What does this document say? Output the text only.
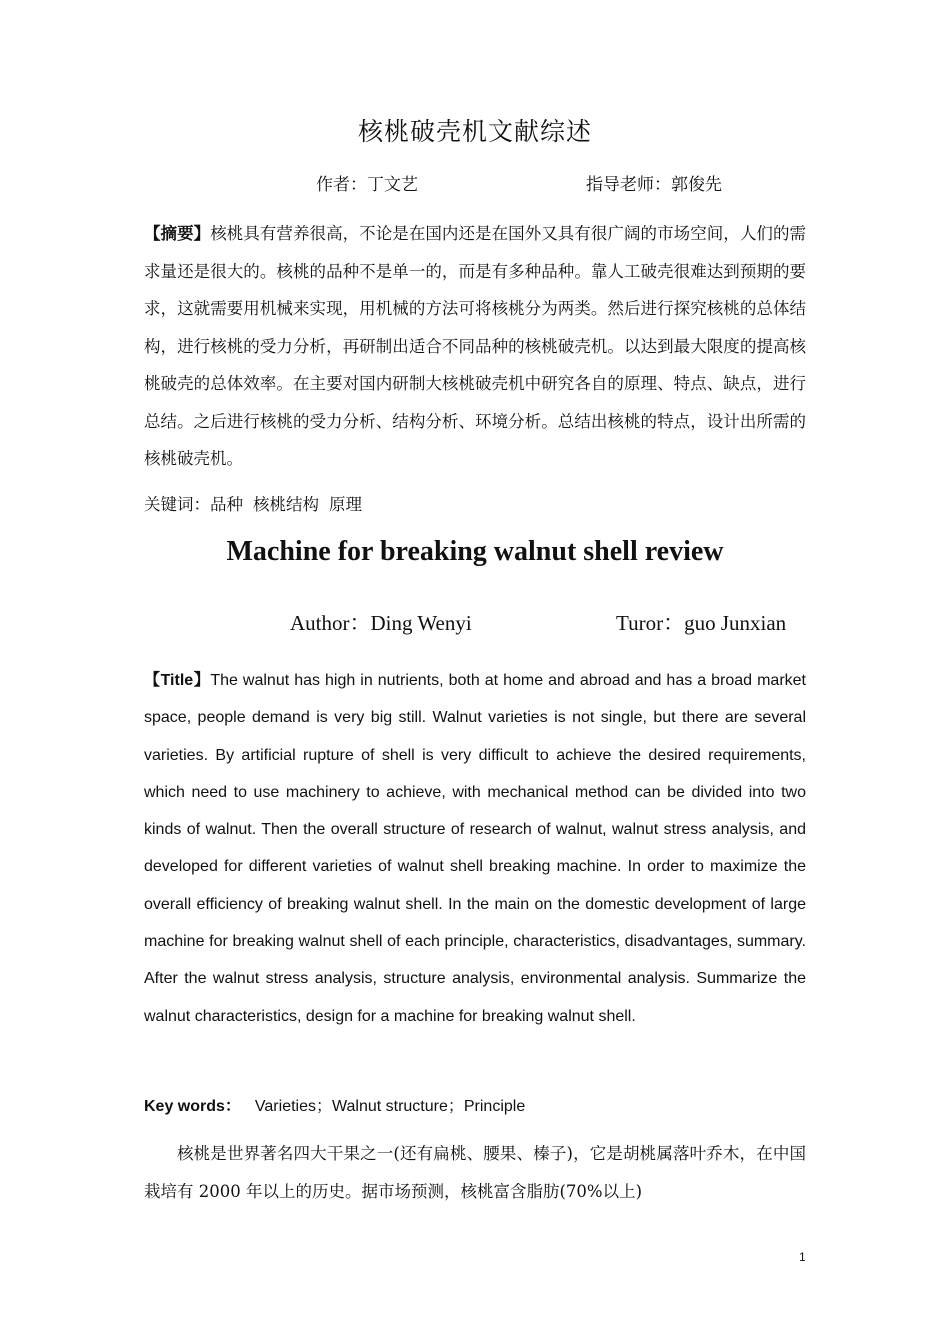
核桃破壳机文献综述
作者：丁文艺	指导老师：郭俊先
【摘要】核桃具有营养很高，不论是在国内还是在国外又具有很广阔的市场空间，人们的需求量还是很大的。核桃的品种不是单一的，而是有多种品种。靠人工破壳很难达到预期的要求，这就需要用机械来实现，用机械的方法可将核桃分为两类。然后进行探究核桃的总体结构，进行核桃的受力分析，再研制出适合不同品种的核桃破壳机。以达到最大限度的提高核桃破壳的总体效率。在主要对国内研制大核桃破壳机中研究各自的原理、特点、缺点，进行总结。之后进行核桃的受力分析、结构分析、环境分析。总结出核桃的特点，设计出所需的核桃破壳机。
关键词：品种 核桃结构 原理
Machine for breaking walnut shell review
Author：Ding Wenyi	Turor：guo Junxian
【Title】The walnut has high in nutrients, both at home and abroad and has a broad market space, people demand is very big still. Walnut varieties is not single, but there are several varieties. By artificial rupture of shell is very difficult to achieve the desired requirements, which need to use machinery to achieve, with mechanical method can be divided into two kinds of walnut. Then the overall structure of research of walnut, walnut stress analysis, and developed for different varieties of walnut shell breaking machine. In order to maximize the overall efficiency of breaking walnut shell. In the main on the domestic development of large machine for breaking walnut shell of each principle, characteristics, disadvantages, summary. After the walnut stress analysis, structure analysis, environmental analysis. Summarize the walnut characteristics, design for a machine for breaking walnut shell.
Key words： Varieties；Walnut structure；Principle
核桃是世界著名四大干果之一(还有扁桃、腰果、榛子)，它是胡桃属落叶乔木，在中国栽培有 2000 年以上的历史。据市场预测，核桃富含脂肪(70%以上)
1
